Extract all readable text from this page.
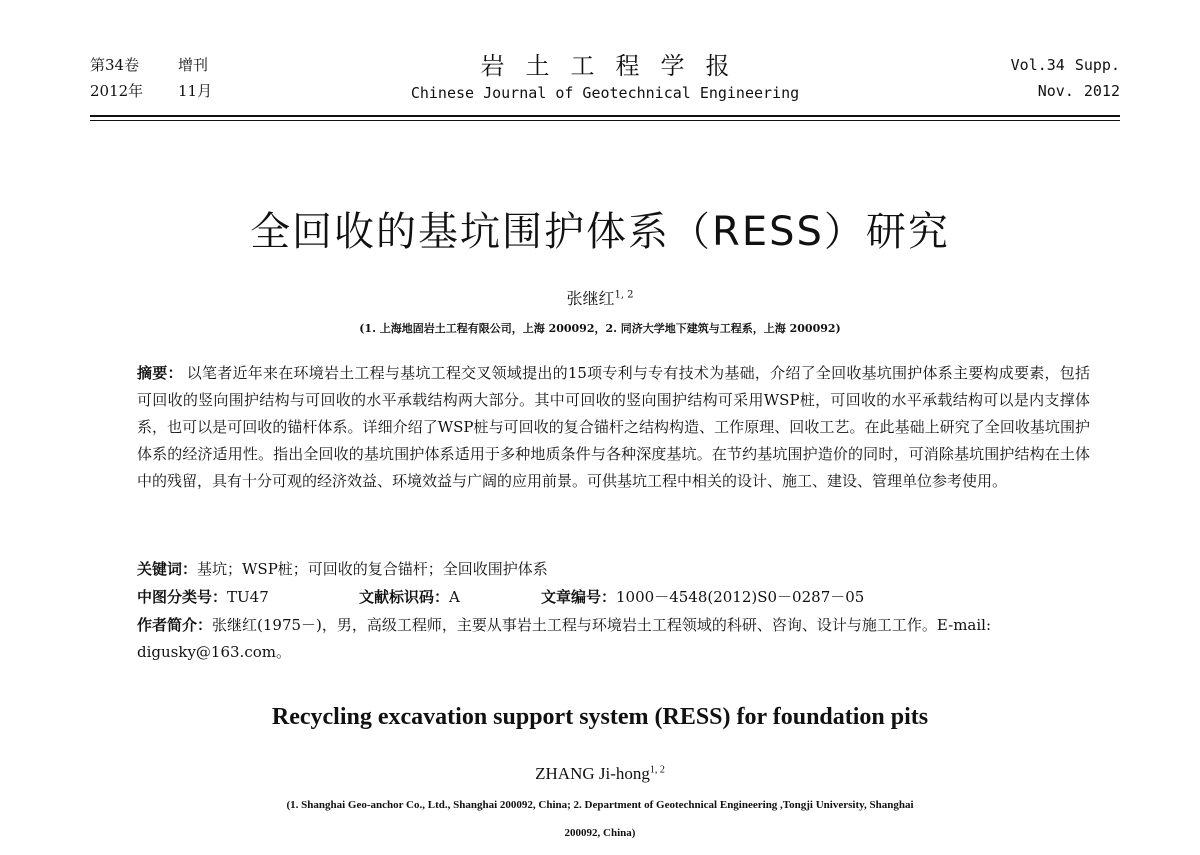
第34卷	增刊
2012年 11月
岩土工程学报
Chinese Journal of Geotechnical Engineering
Vol.34 Supp.
Nov. 2012
全回收的基坑围护体系（RESS）研究
张继红$^{1, 2}$
(1. 上海地固岩土工程有限公司，上海 200092，2. 同济大学地下建筑与工程系，上海 200092)
摘要： 以笔者近年来在环境岩土工程与基坑工程交叉领域提出的15项专利与专有技术为基础，介绍了全回收基坑围护体系主要构成要素，包括可回收的竖向围护结构与可回收的水平承载结构两大部分。其中可回收的竖向围护结构可采用WSP桩，可回收的水平承载结构可以是内支撑体系，也可以是可回收的锚杆体系。详细介绍了WSP桩与可回收的复合锚杆之结构构造、工作原理、回收工艺。在此基础上研究了全回收基坑围护体系的经济适用性。指出全回收的基坑围护体系适用于多种地质条件与各种深度基坑。在节约基坑围护造价的同时，可消除基坑围护结构在土体中的残留，具有十分可观的经济效益、环境效益与广阔的应用前景。可供基坑工程中相关的设计、施工、建设、管理单位参考使用。
关键词：基坑；WSP桩；可回收的复合锚杆；全回收围护体系
中图分类号：TU47	文献标识码：A	文章编号：1000－4548(2012)S0－0287－05
作者简介：张继红(1975－)，男，高级工程师，主要从事岩土工程与环境岩土工程领域的科研、咨询、设计与施工工作。E-mail: digusky@163.com。
Recycling excavation support system (RESS) for foundation pits
ZHANG Ji-hong$^{1, 2}$
(1. Shanghai Geo-anchor Co., Ltd., Shanghai 200092, China; 2. Department of Geotechnical Engineering ,Tongji University, Shanghai
200092, China)
